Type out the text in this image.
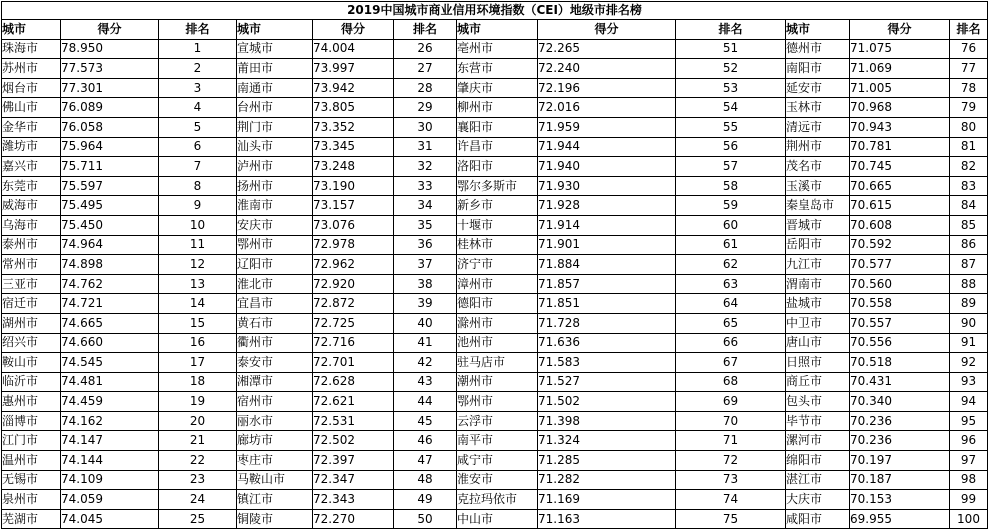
2019中国城市商业信用环境指数（CEI）地级市排名榜											
城市	得分	排名	城市	得分	排名	城市	得分	排名	城市	得分	排名
珠海市	78.950	1	宣城市	74.004	26	亳州市	72.265	51	德州市	71.075	76
苏州市	77.573	2	莆田市	73.997	27	东营市	72.240	52	南阳市	71.069	77
烟台市	77.301	3	南通市	73.942	28	肇庆市	72.196	53	延安市	71.005	78
佛山市	76.089	4	台州市	73.805	29	柳州市	72.016	54	玉林市	70.968	79
金华市	76.058	5	荆门市	73.352	30	襄阳市	71.959	55	清远市	70.943	80
潍坊市	75.964	6	汕头市	73.345	31	许昌市	71.944	56	荆州市	70.781	81
嘉兴市	75.711	7	泸州市	73.248	32	洛阳市	71.940	57	茂名市	70.745	82
东莞市	75.597	8	扬州市	73.190	33	鄂尔多斯市	71.930	58	玉溪市	70.665	83
威海市	75.495	9	淮南市	73.157	34	新乡市	71.928	59	秦皇岛市	70.615	84
乌海市	75.450	10	安庆市	73.076	35	十堰市	71.914	60	晋城市	70.608	85
泰州市	74.964	11	鄂州市	72.978	36	桂林市	71.901	61	岳阳市	70.592	86
常州市	74.898	12	辽阳市	72.962	37	济宁市	71.884	62	九江市	70.577	87
三亚市	74.762	13	淮北市	72.920	38	漳州市	71.857	63	渭南市	70.560	88
宿迁市	74.721	14	宜昌市	72.872	39	德阳市	71.851	64	盐城市	70.558	89
湖州市	74.665	15	黄石市	72.725	40	滁州市	71.728	65	中卫市	70.557	90
绍兴市	74.660	16	衢州市	72.716	41	池州市	71.636	66	唐山市	70.556	91
鞍山市	74.545	17	泰安市	72.701	42	驻马店市	71.583	67	日照市	70.518	92
临沂市	74.481	18	湘潭市	72.628	43	潮州市	71.527	68	商丘市	70.431	93
惠州市	74.459	19	宿州市	72.621	44	鄂州市	71.502	69	包头市	70.340	94
淄博市	74.162	20	丽水市	72.531	45	云浮市	71.398	70	毕节市	70.236	95
江门市	74.147	21	廊坊市	72.502	46	南平市	71.324	71	漯河市	70.236	96
温州市	74.144	22	枣庄市	72.397	47	咸宁市	71.285	72	绵阳市	70.197	97
无锡市	74.109	23	马鞍山市	72.347	48	淮安市	71.282	73	湛江市	70.187	98
泉州市	74.059	24	镇江市	72.343	49	克拉玛依市	71.169	74	大庆市	70.153	99
芜湖市	74.045	25	铜陵市	72.270	50	中山市	71.163	75	咸阳市	69.955	100
